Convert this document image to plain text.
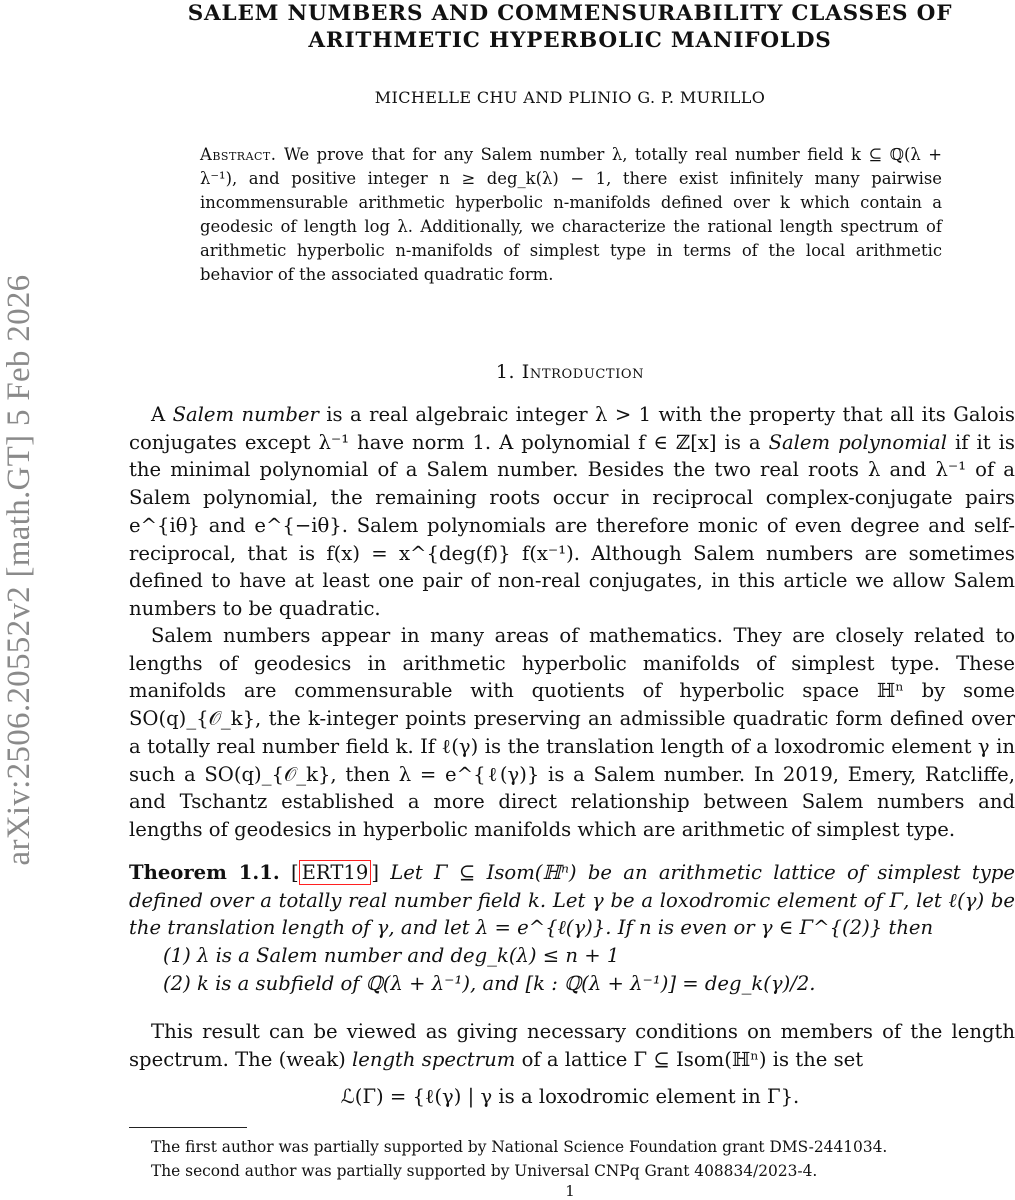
arXiv:2506.20552v2 [math.GT] 5 Feb 2026
SALEM NUMBERS AND COMMENSURABILITY CLASSES OF
ARITHMETIC HYPERBOLIC MANIFOLDS
MICHELLE CHU AND PLINIO G. P. MURILLO
Abstract. We prove that for any Salem number λ, totally real number field k ⊆ ℚ(λ + λ⁻¹), and positive integer n ≥ deg_k(λ) − 1, there exist infinitely many pairwise incommensurable arithmetic hyperbolic n-manifolds defined over k which contain a geodesic of length log λ. Additionally, we characterize the rational length spectrum of arithmetic hyperbolic n-manifolds of simplest type in terms of the local arithmetic behavior of the associated quadratic form.
1. Introduction

A Salem number is a real algebraic integer λ > 1 with the property that all its Galois conjugates except λ⁻¹ have norm 1. A polynomial f ∈ ℤ[x] is a Salem polynomial if it is the minimal polynomial of a Salem number. Besides the two real roots λ and λ⁻¹ of a Salem polynomial, the remaining roots occur in reciprocal complex-conjugate pairs e^{iθ} and e^{−iθ}. Salem polynomials are therefore monic of even degree and self-reciprocal, that is f(x) = x^{deg(f)} f(x⁻¹). Although Salem numbers are sometimes defined to have at least one pair of non-real conjugates, in this article we allow Salem numbers to be quadratic.

Salem numbers appear in many areas of mathematics. They are closely related to lengths of geodesics in arithmetic hyperbolic manifolds of simplest type. These manifolds are commensurable with quotients of hyperbolic space ℍⁿ by some SO(q)_{𝒪_k}, the k-integer points preserving an admissible quadratic form defined over a totally real number field k. If ℓ(γ) is the translation length of a loxodromic element γ in such a SO(q)_{𝒪_k}, then λ = e^{ℓ(γ)} is a Salem number. In 2019, Emery, Ratcliffe, and Tschantz established a more direct relationship between Salem numbers and lengths of geodesics in hyperbolic manifolds which are arithmetic of simplest type.

Theorem 1.1. [ ERT19 ] Let Γ ⊆ Isom(ℍⁿ) be an arithmetic lattice of simplest type defined over a totally real number field k. Let γ be a loxodromic element of Γ, let ℓ(γ) be the translation length of γ, and let λ = e^{ℓ(γ)}. If n is even or γ ∈ Γ^{(2)} then

(1) λ is a Salem number and deg_k(λ) ≤ n + 1
(2) k is a subfield of ℚ(λ + λ⁻¹), and [k : ℚ(λ + λ⁻¹)] = deg_k(γ)/2.

This result can be viewed as giving necessary conditions on members of the length spectrum. The (weak) length spectrum of a lattice Γ ⊆ Isom(ℍⁿ) is the set

ℒ(Γ) = {ℓ(γ) | γ is a loxodromic element in Γ}.
The first author was partially supported by National Science Foundation grant DMS-2441034.
The second author was partially supported by Universal CNPq Grant 408834/2023-4.
1
